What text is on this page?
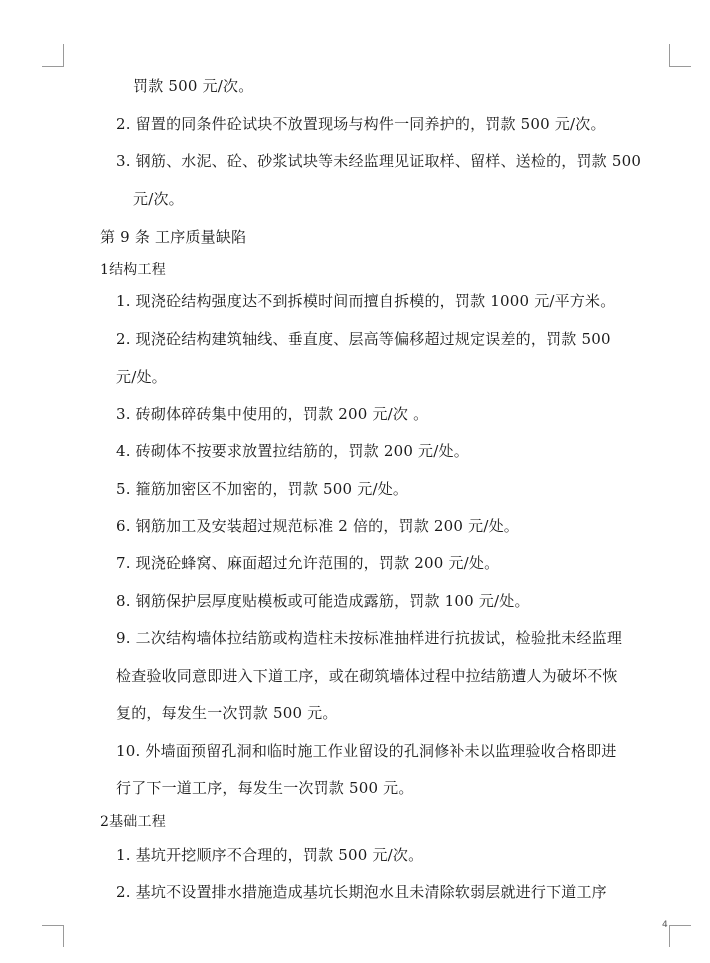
罚款 500 元/次。
2. 留置的同条件砼试块不放置现场与构件一同养护的，罚款 500 元/次。
3. 钢筋、水泥、砼、砂浆试块等未经监理见证取样、留样、送检的，罚款 500
元/次。
第 9 条 工序质量缺陷
1结构工程
1. 现浇砼结构强度达不到拆模时间而擅自拆模的，罚款 1000 元/平方米。
2. 现浇砼结构建筑轴线、垂直度、层高等偏移超过规定误差的，罚款 500
元/处。
3. 砖砌体碎砖集中使用的，罚款 200 元/次 。
4. 砖砌体不按要求放置拉结筋的，罚款 200 元/处。
5. 箍筋加密区不加密的，罚款 500 元/处。
6. 钢筋加工及安装超过规范标准 2 倍的，罚款 200 元/处。
7. 现浇砼蜂窝、麻面超过允许范围的，罚款 200 元/处。
8. 钢筋保护层厚度贴模板或可能造成露筋，罚款 100 元/处。
9. 二次结构墙体拉结筋或构造柱未按标准抽样进行抗拔试，检验批未经监理
检查验收同意即进入下道工序，或在砌筑墙体过程中拉结筋遭人为破坏不恢
复的，每发生一次罚款 500 元。
10. 外墙面预留孔洞和临时施工作业留设的孔洞修补未以监理验收合格即进
行了下一道工序，每发生一次罚款 500 元。
2基础工程
1. 基坑开挖顺序不合理的，罚款 500 元/次。
2. 基坑不设置排水措施造成基坑长期泡水且未清除软弱层就进行下道工序
4
